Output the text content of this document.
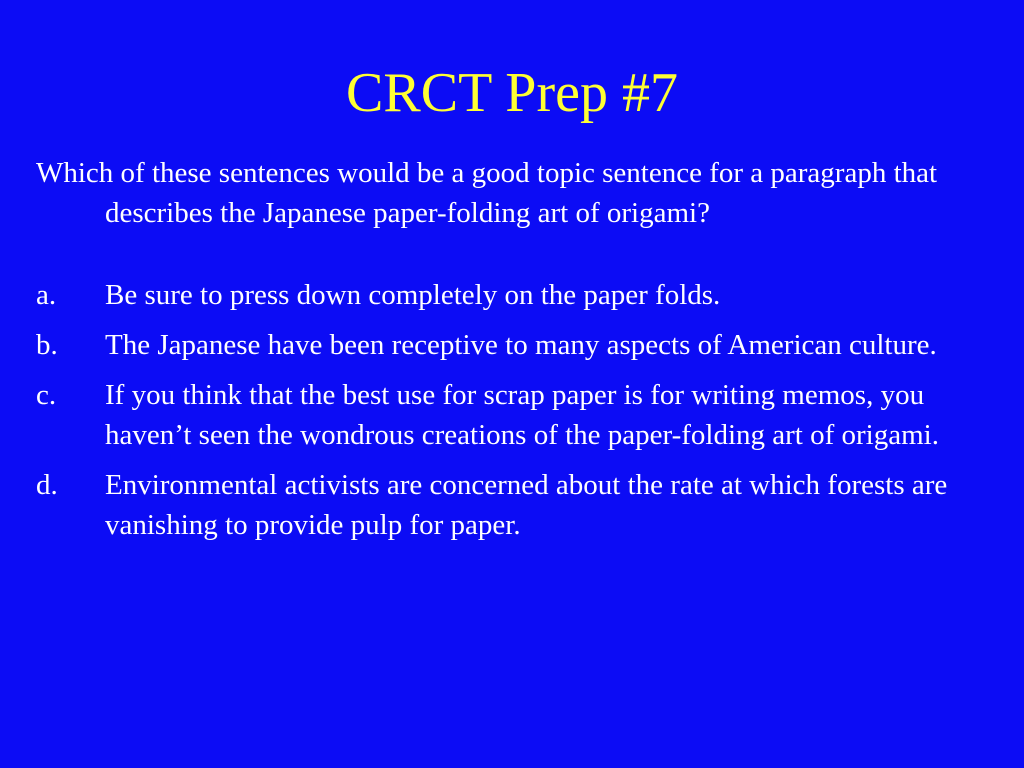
CRCT Prep #7

Which of these sentences would be a good topic sentence for a paragraph that describes the Japanese paper-folding art of origami?

a.	Be sure to press down completely on the paper folds.
b.	The Japanese have been receptive to many aspects of American culture.
c.	If you think that the best use for scrap paper is for writing memos, you haven’t seen the wondrous creations of the paper-folding art of origami.
d.	Environmental activists are concerned about the rate at which forests are vanishing to provide pulp for paper.
